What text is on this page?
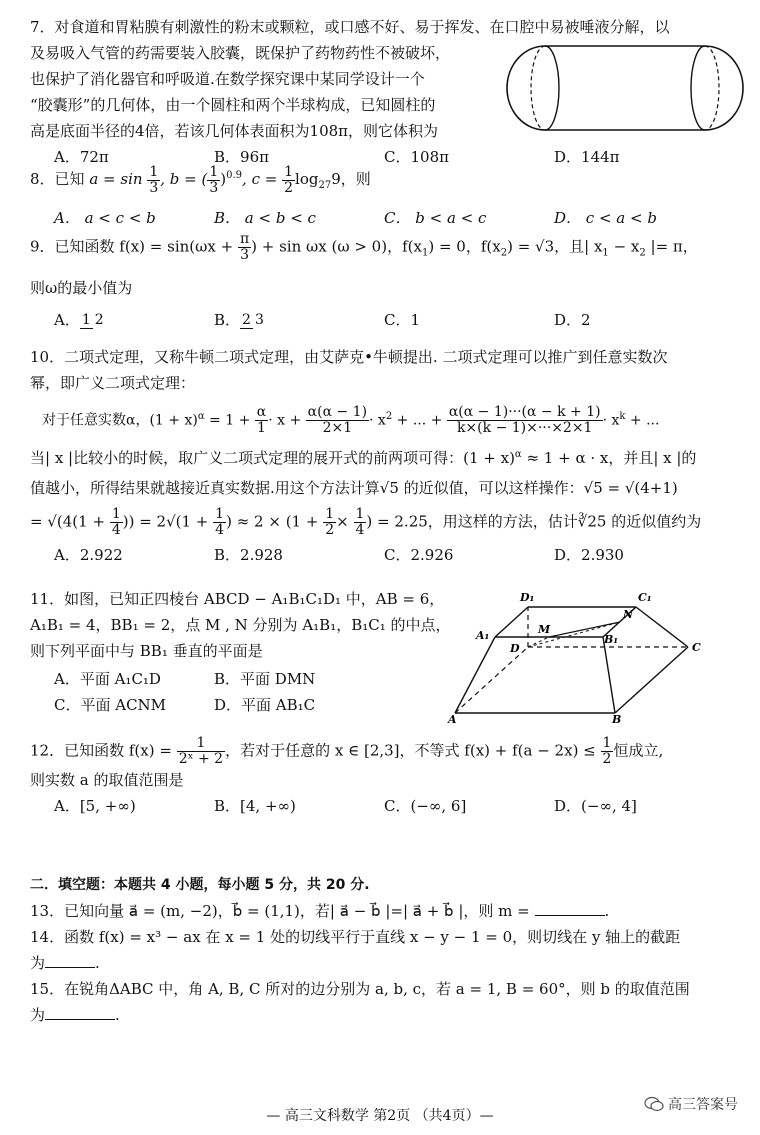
7．对食道和胃粘膜有刺激性的粉末或颗粒，或口感不好、易于挥发、在口腔中易被唾液分解，以

及易吸入气管的药需要装入胶囊，既保护了药物药性不被破坏，

也保护了消化器官和呼吸道.在数学探究课中某同学设计一个

“胶囊形”的几何体，由一个圆柱和两个半球构成，已知圆柱的

高是底面半径的4倍，若该几何体表面积为108π，则它体积为

A．72π	B．96π	C．108π	D．144π

8．已知 $a = \sin \frac{1}{3}$ , b = ( $\frac{1}{3} )^{0.9}$, $c = \frac{1}{2} \log_{27}9$，则

A． a < c < b	B． a < b < c	C． b < a < c	D． c < a < b

9．已知函数 $f(x) = \sin(\omega x + \frac{\pi}{3}$ ) + sin ωx (ω > 0)，$f(x_1) = 0$，$f(x_2) = √3$，且| $x_1 - x_2$ |= π，

则ω的最小值为

A． 1 2	B． 2 3	C．1	D．2

10．二项式定理，又称牛顿二项式定理，由艾萨克•牛顿提出. 二项式定理可以推广到任意实数次

幂，即广义二项式定理：

对于任意实数α，$(1 + x)^\alpha = 1 + \frac{\alpha}{1} \cdot x + \frac{\alpha(\alpha - 1)}{2\times 1} \cdot x^2$ + ... + $\frac{\alpha(\alpha - 1)\cdot\cdot\cdot(\alpha - k + 1)}{k\times(k - 1)\times\cdot\cdot\cdot\times 2\times 1} \cdot x^k$ + ...

当| x |比较小的时候，取广义二项式定理的展开式的前两项可得：$(1 + x)^\alpha \approx 1 + \alpha \cdot x$，并且| x |的

值越小，所得结果就越接近真实数据.用这个方法计算√5 的近似值，可以这样操作：√5 = √(4+1)

= $√(4(1 + \frac{1}{4}$ )) = $2√(1 + \frac{1}{4}$ ) ≈ $2 \times (1 + \frac{1}{2} \times \frac{1}{4}$ ) = 2.25，用这样的方法，估计∛25 的近似值约为

A．2.922	B．2.928	C．2.926	D．2.930

11．如图，已知正四棱台 ABCD − A₁B₁C₁D₁ 中，AB = 6，

A₁B₁ = 4，BB₁ = 2，点 M , N 分别为 A₁B₁，B₁C₁ 的中点，

则下列平面中与 BB₁ 垂直的平面是

A．平面 A₁C₁D	B．平面 DMN
C．平面 ACNM	D．平面 AB₁C
D₁	C₁
A₁	B₁
M
N
D	C
A	B

12．已知函数 $f(x) = \frac{1}{\text{2ˣ + 2}}$ ，若对于任意的 x ∈ [2,3]，不等式 $f(x) + f(a - 2x) \le \frac{1}{2}$ 恒成立,

则实数 a 的取值范围是

A．[5, +∞)	B．[4, +∞)	C．(−∞, 6]	D．(−∞, 4]

二．填空题：本题共 4 小题，每小题 5 分，共 20 分.

13．已知向量 a⃗ = (m, −2)，b⃗ = (1,1)，若| a⃗ − b⃗ |=| a⃗ + b⃗ |，则 m =	.

14．函数 f(x) = x³ − ax 在 x = 1 处的切线平行于直线 x − y − 1 = 0，则切线在 y 轴上的截距

为	.

15．在锐角ΔABC 中，角 A, B, C 所对的边分别为 a, b, c，若 a = 1, B = 60°，则 b 的取值范围

为	.

— 高三文科数学 第2页 （共4页）—
高三答案号
